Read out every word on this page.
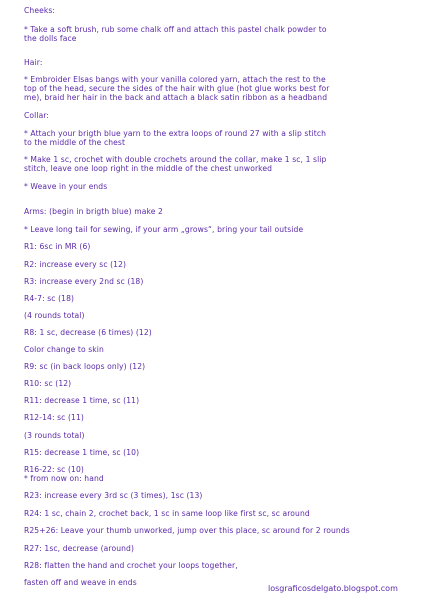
Cheeks:
* Take a soft brush, rub some chalk off and attach this pastel chalk powder to
the dolls face
Hair:
* Embroider Elsas bangs with your vanilla colored yarn, attach the rest to the
top of the head, secure the sides of the hair with glue (hot glue works best for
me), braid her hair in the back and attach a black satin ribbon as a headband
Collar:
* Attach your brigth blue yarn to the extra loops of round 27 with a slip stitch
to the middle of the chest
* Make 1 sc, crochet with double crochets around the collar, make 1 sc, 1 slip
stitch, leave one loop right in the middle of the chest unworked
* Weave in your ends
Arms: (begin in brigth blue) make 2
* Leave long tail for sewing, if your arm „grows“, bring your tail outside
R1: 6sc in MR (6)
R2: increase every sc (12)
R3: increase every 2nd sc (18)
R4-7: sc (18)
(4 rounds total)
R8: 1 sc, decrease (6 times) (12)
Color change to skin
R9: sc (in back loops only) (12)
R10: sc (12)
R11: decrease 1 time, sc (11)
R12-14: sc (11)
(3 rounds total)
R15: decrease 1 time, sc (10)
R16-22: sc (10)
* from now on: hand
R23: increase every 3rd sc (3 times), 1sc (13)
R24: 1 sc, chain 2, crochet back, 1 sc in same loop like first sc, sc around
R25+26: Leave your thumb unworked, jump over this place, sc around for 2 rounds
R27: 1sc, decrease (around)
R28: flatten the hand and crochet your loops together,
fasten off and weave in ends
losgraficosdelgato.blogspot.com
